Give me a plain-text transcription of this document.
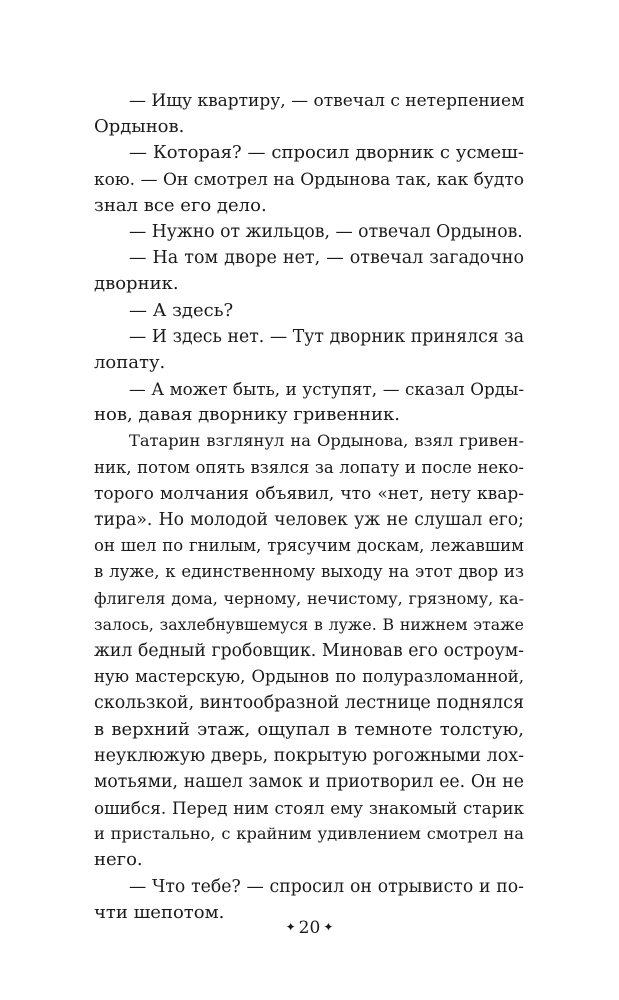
— Ищу квартиру, — отвечал с нетерпением
Ордынов.
— Которая? — спросил дворник с усмеш-
кою. — Он смотрел на Ордынова так, как будто
знал все его дело.
— Нужно от жильцов, — отвечал Ордынов.
— На том дворе нет, — отвечал загадочно
дворник.
— А здесь?
— И здесь нет. — Тут дворник принялся за
лопату.
— А может быть, и уступят, — сказал Орды-
нов, давая дворнику гривенник.
Татарин взглянул на Ордынова, взял гривен-
ник, потом опять взялся за лопату и после неко-
торого молчания объявил, что «нет, нету квар-
тира». Но молодой человек уж не слушал его;
он шел по гнилым, трясучим доскам, лежавшим
в луже, к единственному выходу на этот двор из
флигеля дома, черному, нечистому, грязному, ка-
залось, захлебнувшемуся в луже. В нижнем этаже
жил бедный гробовщик. Миновав его остроум-
ную мастерскую, Ордынов по полуразломанной,
скользкой, винтообразной лестнице поднялся
в верхний этаж, ощупал в темноте толстую,
неуклюжую дверь, покрытую рогожными лох-
мотьями, нашел замок и приотворил ее. Он не
ошибся. Перед ним стоял ему знакомый старик
и пристально, с крайним удивлением смотрел на
него.
— Что тебе? — спросил он отрывисто и по-
чти шепотом.
✦ 20 ✦
